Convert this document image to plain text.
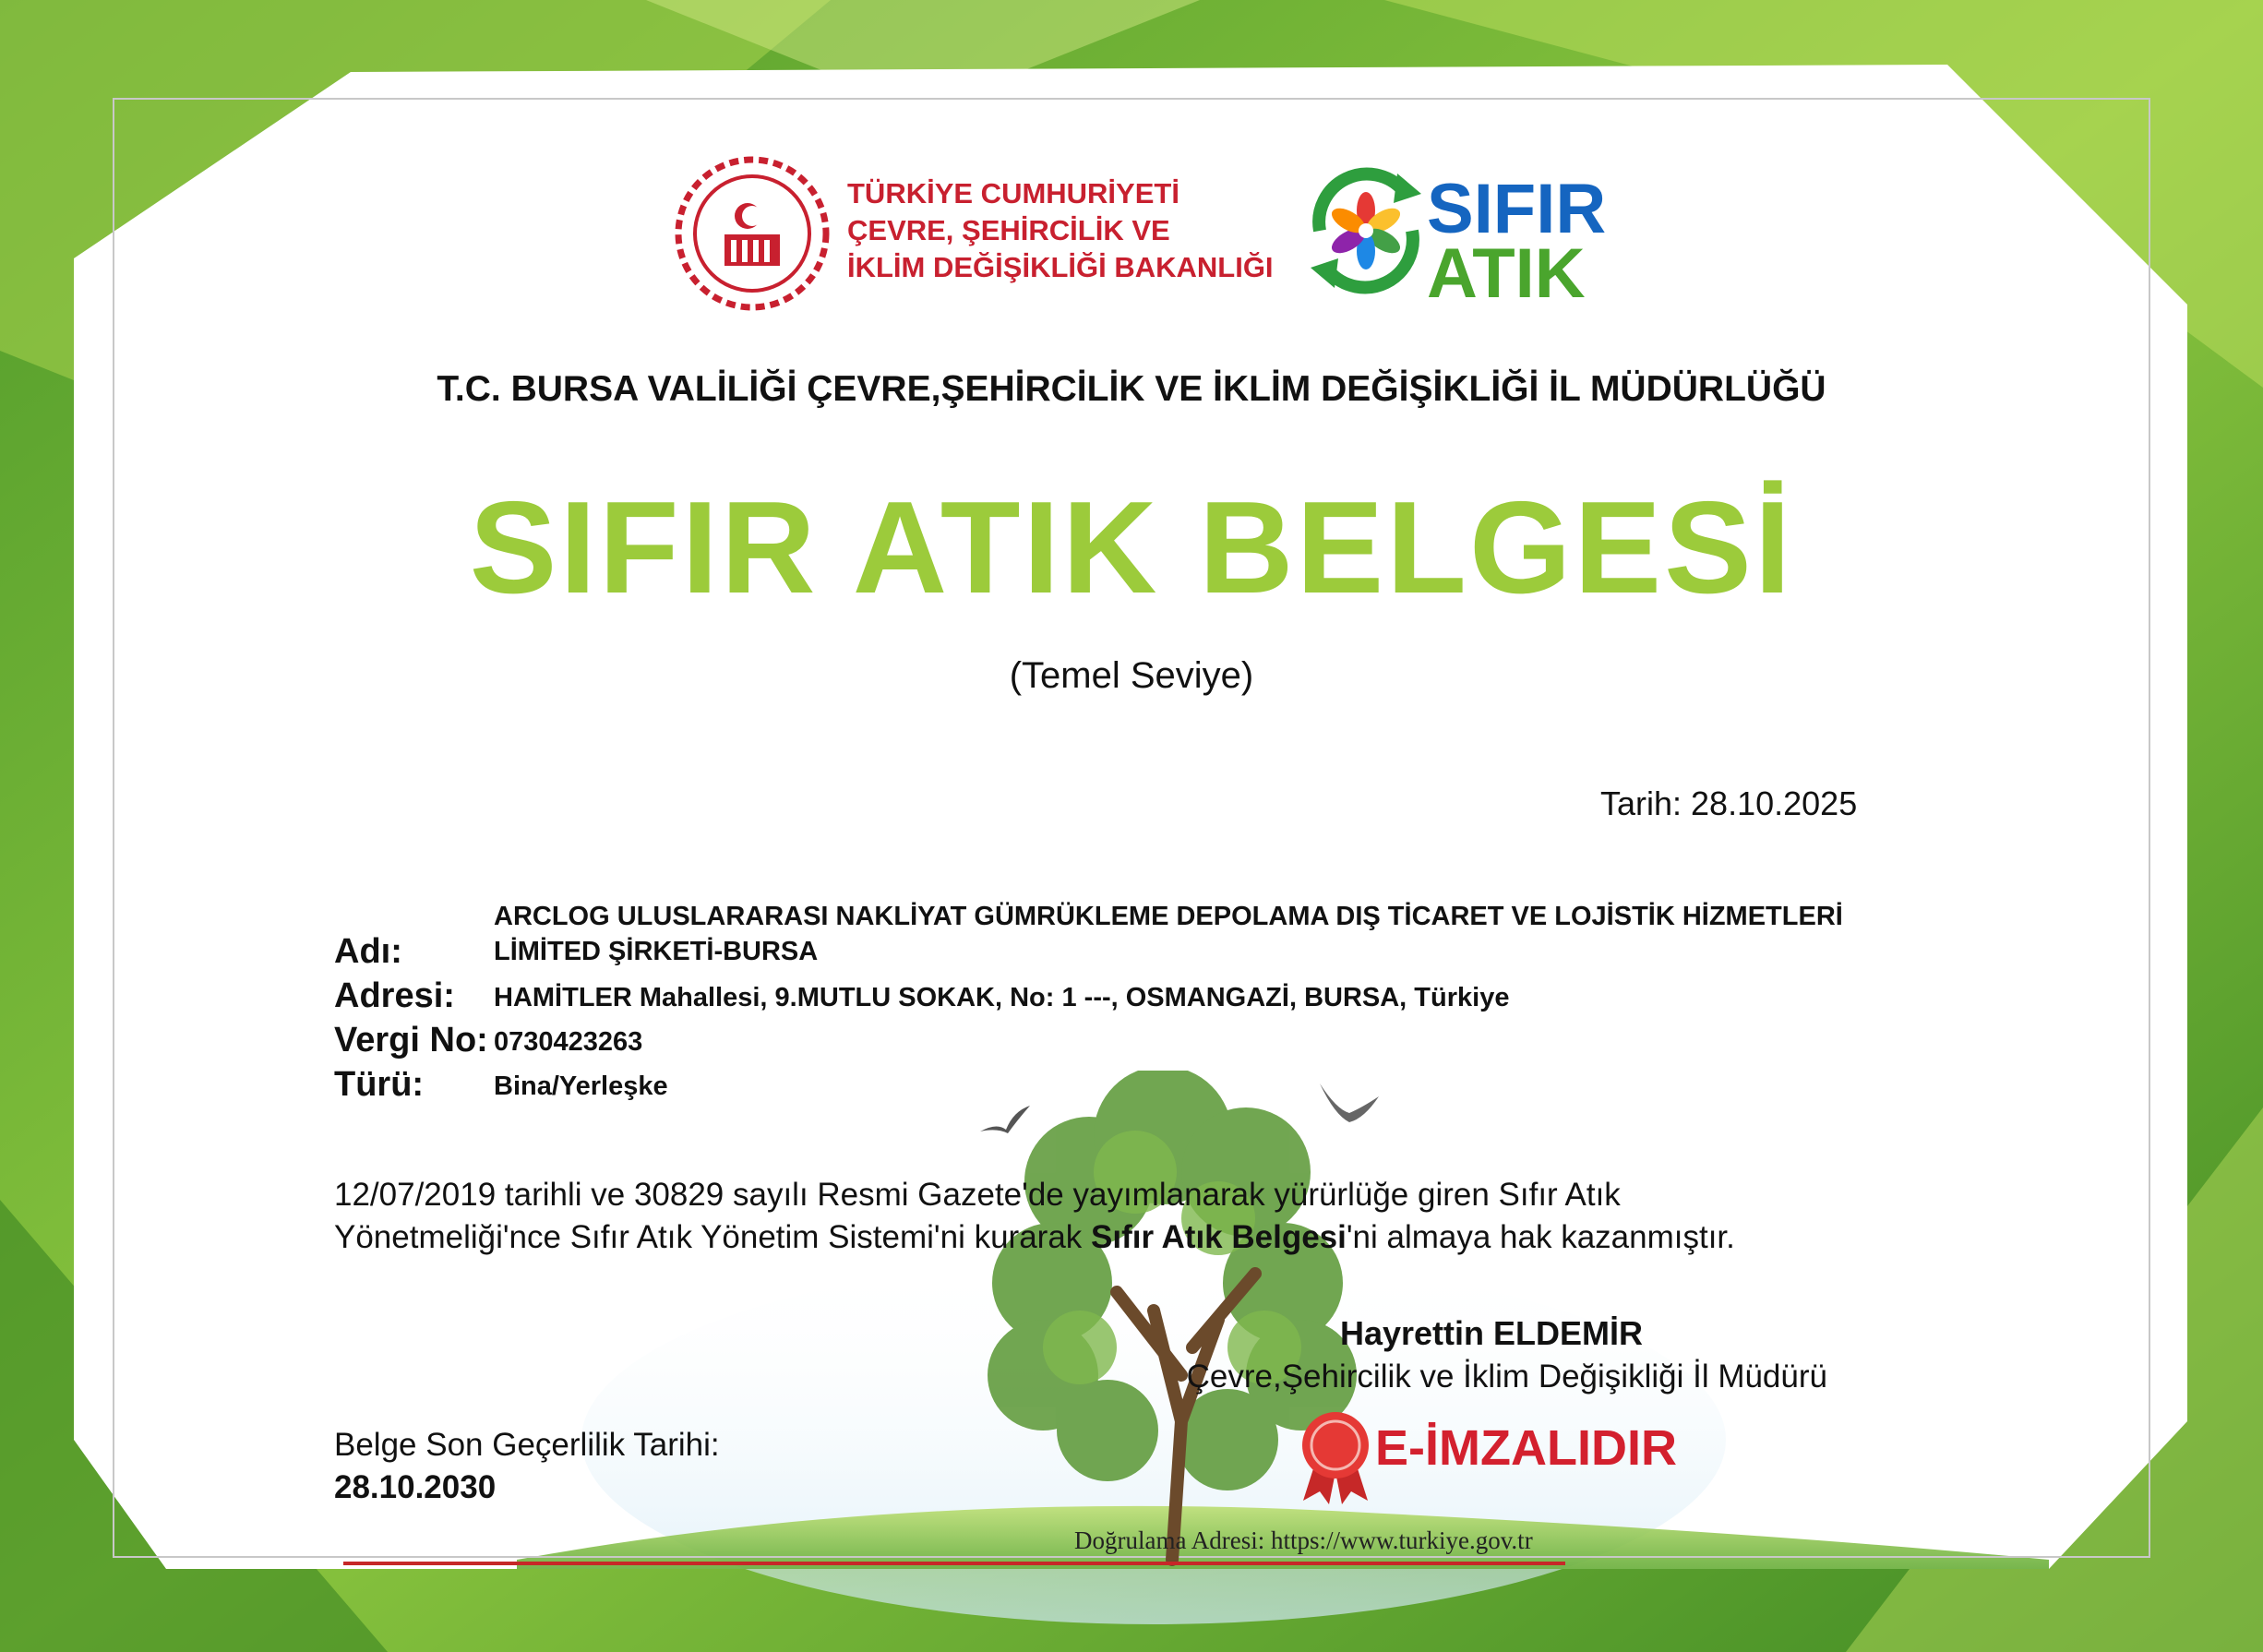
TÜRKİYE CUMHURİYETİ
ÇEVRE, ŞEHİRCİLİK VE
İKLİM DEĞİŞİKLİĞİ BAKANLIĞI
SIFIR
ATIK
T.C. BURSA VALİLİĞİ ÇEVRE,ŞEHİRCİLİK VE İKLİM DEĞİŞİKLİĞİ İL MÜDÜRLÜĞÜ
SIFIR ATIK BELGESİ
(Temel Seviye)
Tarih: 28.10.2025
ARCLOG ULUSLARARASI NAKLİYAT GÜMRÜKLEME DEPOLAMA DIŞ TİCARET VE LOJİSTİK HİZMETLERİ
LİMİTED ŞİRKETİ-BURSA
Adı:
Adresi: HAMİTLER Mahallesi, 9.MUTLU SOKAK, No: 1 ---, OSMANGAZİ, BURSA, Türkiye
Vergi No: 0730423263
Türü:	Bina/Yerleşke
12/07/2019 tarihli ve 30829 sayılı Resmi Gazete'de yayımlanarak yürürlüğe giren Sıfır Atık
Yönetmeliği'nce Sıfır Atık Yönetim Sistemi'ni kurarak Sıfır Atık Belgesi'ni almaya hak kazanmıştır.
Hayrettin ELDEMİR
Çevre,Şehircilik ve İklim Değişikliği İl Müdürü
E-İMZALIDIR
Belge Son Geçerlilik Tarihi:
28.10.2030
Doğrulama Adresi: https://www.turkiye.gov.tr
